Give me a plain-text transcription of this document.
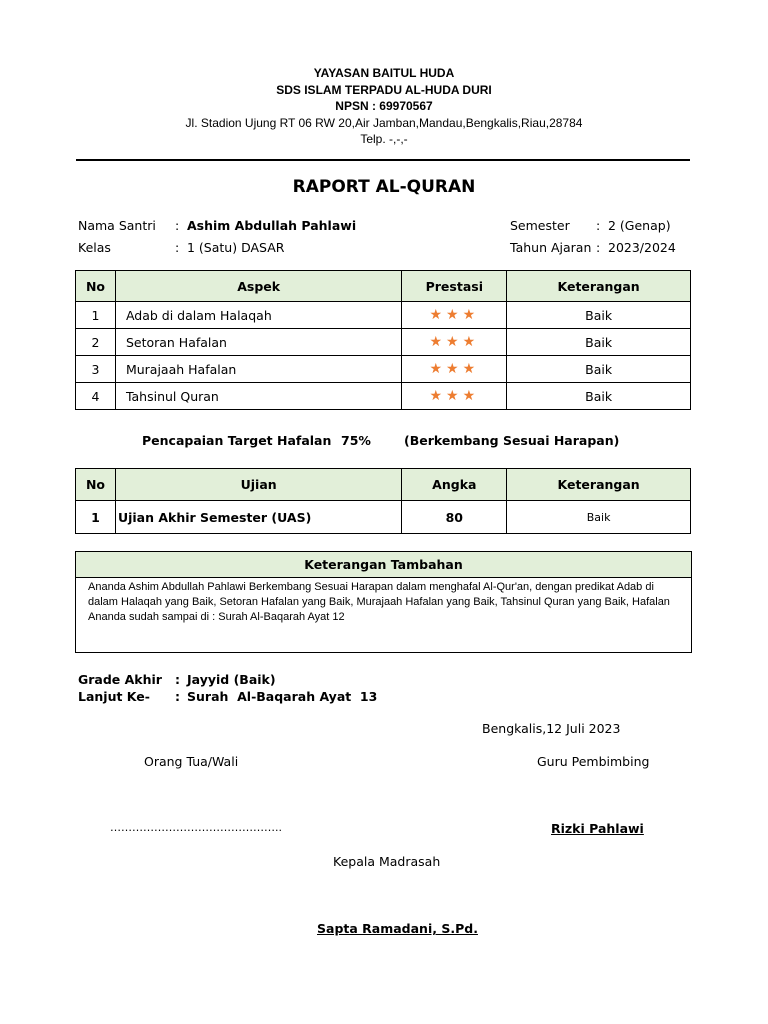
YAYASAN BAITUL HUDA
SDS ISLAM TERPADU AL-HUDA DURI
NPSN : 69970567
Jl. Stadion Ujung RT 06 RW 20,Air Jamban,Mandau,Bengkalis,Riau,28784
Telp. -,-,-
RAPORT AL-QURAN
Nama Santri : Ashim Abdullah Pahlawi
Kelas	: 1 (Satu) DASAR
Semester : 2 (Genap)
Tahun Ajaran : 2023/2024
No	Aspek	Prestasi	Keterangan
1	Adab di dalam Halaqah	★★★	Baik
2	Setoran Hafalan	★★★	Baik
3	Murajaah Hafalan	★★★	Baik
4	Tahsinul Quran	★★★	Baik
Pencapaian Target Hafalan 75%	(Berkembang Sesuai Harapan)
No	Ujian	Angka	Keterangan
1	Ujian Akhir Semester (UAS)	80	Baik
Keterangan Tambahan
Ananda Ashim Abdullah Pahlawi Berkembang Sesuai Harapan dalam menghafal Al-Qur'an, dengan predikat Adab di dalam Halaqah yang Baik, Setoran Hafalan yang Baik, Murajaah Hafalan yang Baik, Tahsinul Quran yang Baik, Hafalan Ananda sudah sampai di : Surah Al-Baqarah Ayat 12
Grade Akhir : Jayyid (Baik)
Lanjut Ke- : Surah  Al-Baqarah Ayat  13
Bengkalis,12 Juli 2023
Orang Tua/Wali	Guru Pembimbing
………………………………………..	Rizki Pahlawi
Kepala Madrasah
Sapta Ramadani, S.Pd.
